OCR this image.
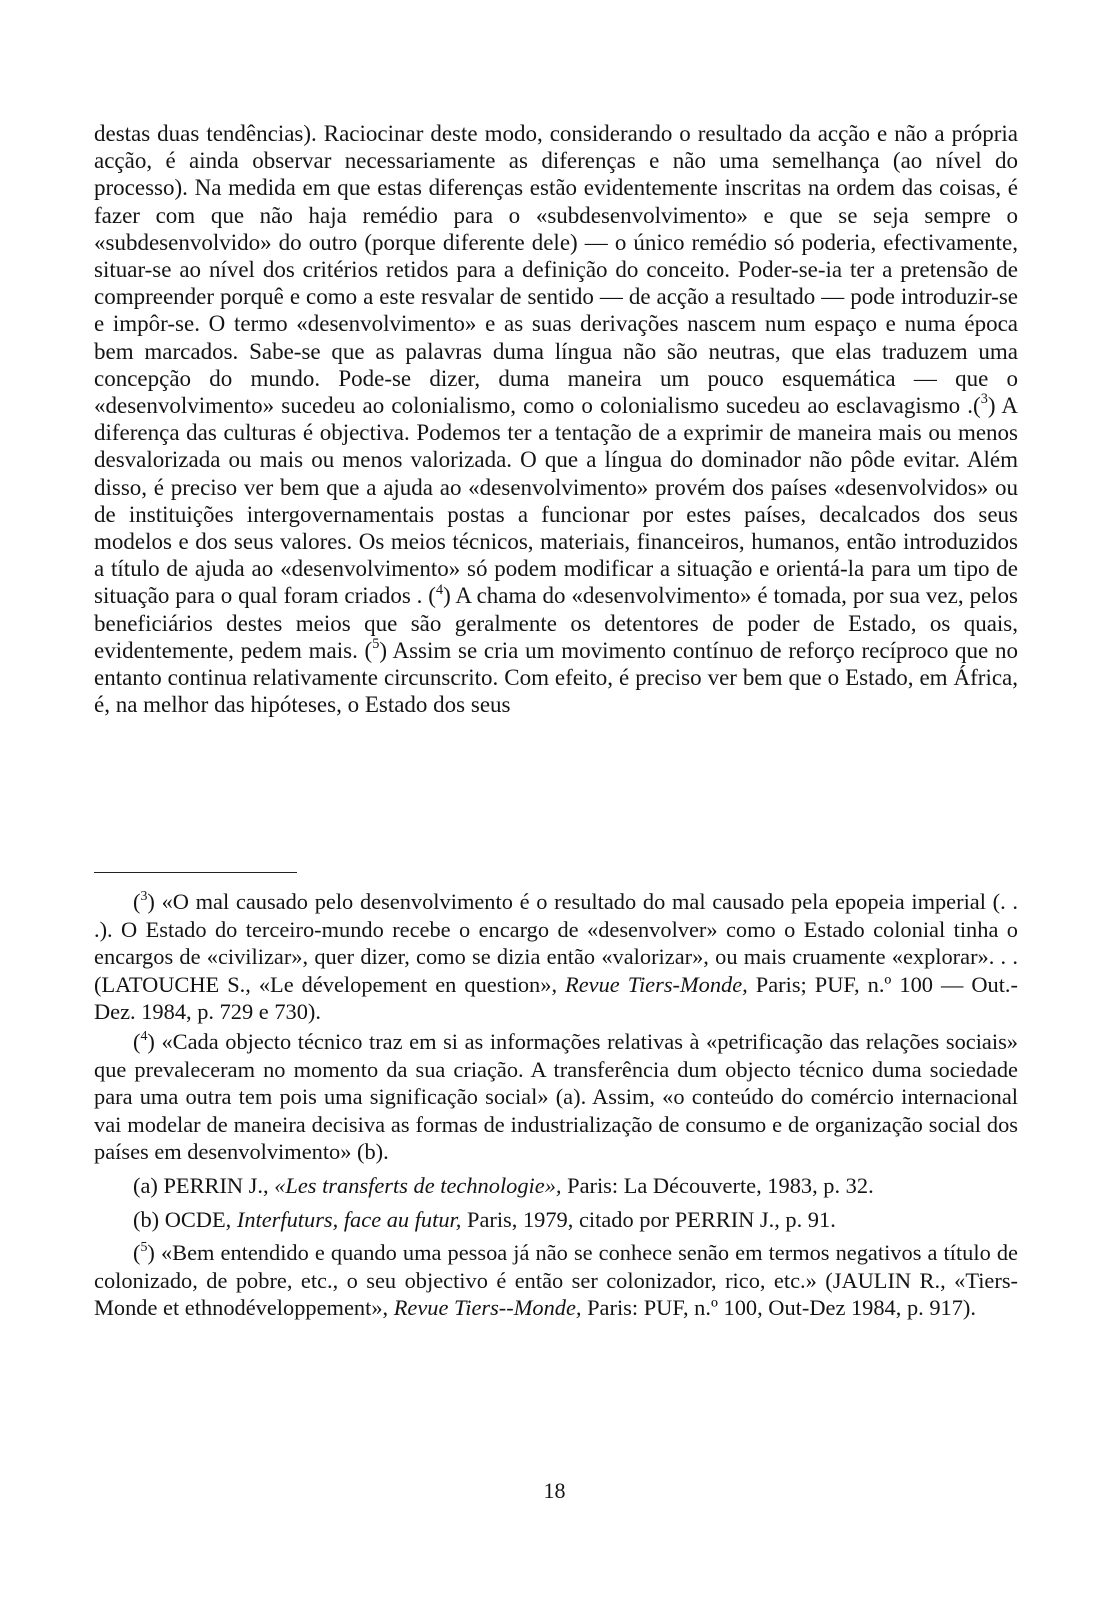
destas duas tendências). Raciocinar deste modo, considerando o resultado da acção e não a própria acção, é ainda observar necessariamente as diferenças e não uma semelhança (ao nível do processo). Na medida em que estas diferenças estão evidentemente inscritas na ordem das coisas, é fazer com que não haja remédio para o «subdesenvolvimento» e que se seja sempre o «subdesenvolvido» do outro (porque diferente dele) — o único remédio só poderia, efectivamente, situar-se ao nível dos critérios retidos para a definição do conceito. Poder-se-ia ter a pretensão de compreender porquê e como a este resvalar de sentido — de acção a resultado — pode introduzir-se e impôr-se. O termo «desenvolvimento» e as suas derivações nascem num espaço e numa época bem marcados. Sabe-se que as palavras duma língua não são neutras, que elas traduzem uma concepção do mundo. Pode-se dizer, duma maneira um pouco esquemática — que o «desenvolvimento» sucedeu ao colonialismo, como o colonialismo sucedeu ao esclavagismo .($^3$) A diferença das culturas é objectiva. Podemos ter a tentação de a exprimir de maneira mais ou menos desvalorizada ou mais ou menos valorizada. O que a língua do dominador não pôde evitar. Além disso, é preciso ver bem que a ajuda ao «desenvolvimento» provém dos países «desenvolvidos» ou de instituições intergovernamentais postas a funcionar por estes países, decalcados dos seus modelos e dos seus valores. Os meios técnicos, materiais, financeiros, humanos, então introduzidos a título de ajuda ao «desenvolvimento» só podem modificar a situação e orientá-la para um tipo de situação para o qual foram criados . ($^4$) A chama do «desenvolvimento» é tomada, por sua vez, pelos beneficiários destes meios que são geralmente os detentores de poder de Estado, os quais, evidentemente, pedem mais. ($^5$) Assim se cria um movimento contínuo de reforço recíproco que no entanto continua relativamente circunscrito. Com efeito, é preciso ver bem que o Estado, em África, é, na melhor das hipóteses, o Estado dos seus

($^3$) «O mal causado pelo desenvolvimento é o resultado do mal causado pela epopeia imperial (. . .). O Estado do terceiro-mundo recebe o encargo de «desenvolver» como o Estado colonial tinha o encargos de «civilizar», quer dizer, como se dizia então «valorizar», ou mais cruamente «explorar». . . (LATOUCHE S., «Le dévelopement en question», Revue Tiers-Monde, Paris; PUF, n.º 100 — Out.-Dez. 1984, p. 729 e 730).

($^4$) «Cada objecto técnico traz em si as informações relativas à «petrificação das relações sociais» que prevaleceram no momento da sua criação. A transferência dum objecto técnico duma sociedade para uma outra tem pois uma significação social» (a). Assim, «o conteúdo do comércio internacional vai modelar de maneira decisiva as formas de industrialização de consumo e de organização social dos países em desenvolvimento» (b).

(a) PERRIN J., «Les transferts de technologie», Paris: La Découverte, 1983, p. 32.

(b) OCDE, Interfuturs, face au futur, Paris, 1979, citado por PERRIN J., p. 91.

($^5$) «Bem entendido e quando uma pessoa já não se conhece senão em termos negativos a título de colonizado, de pobre, etc., o seu objectivo é então ser colonizador, rico, etc.» (JAULIN R., «Tiers-Monde et ethnodéveloppement», Revue Tiers--Monde, Paris: PUF, n.º 100, Out-Dez 1984, p. 917).

18
